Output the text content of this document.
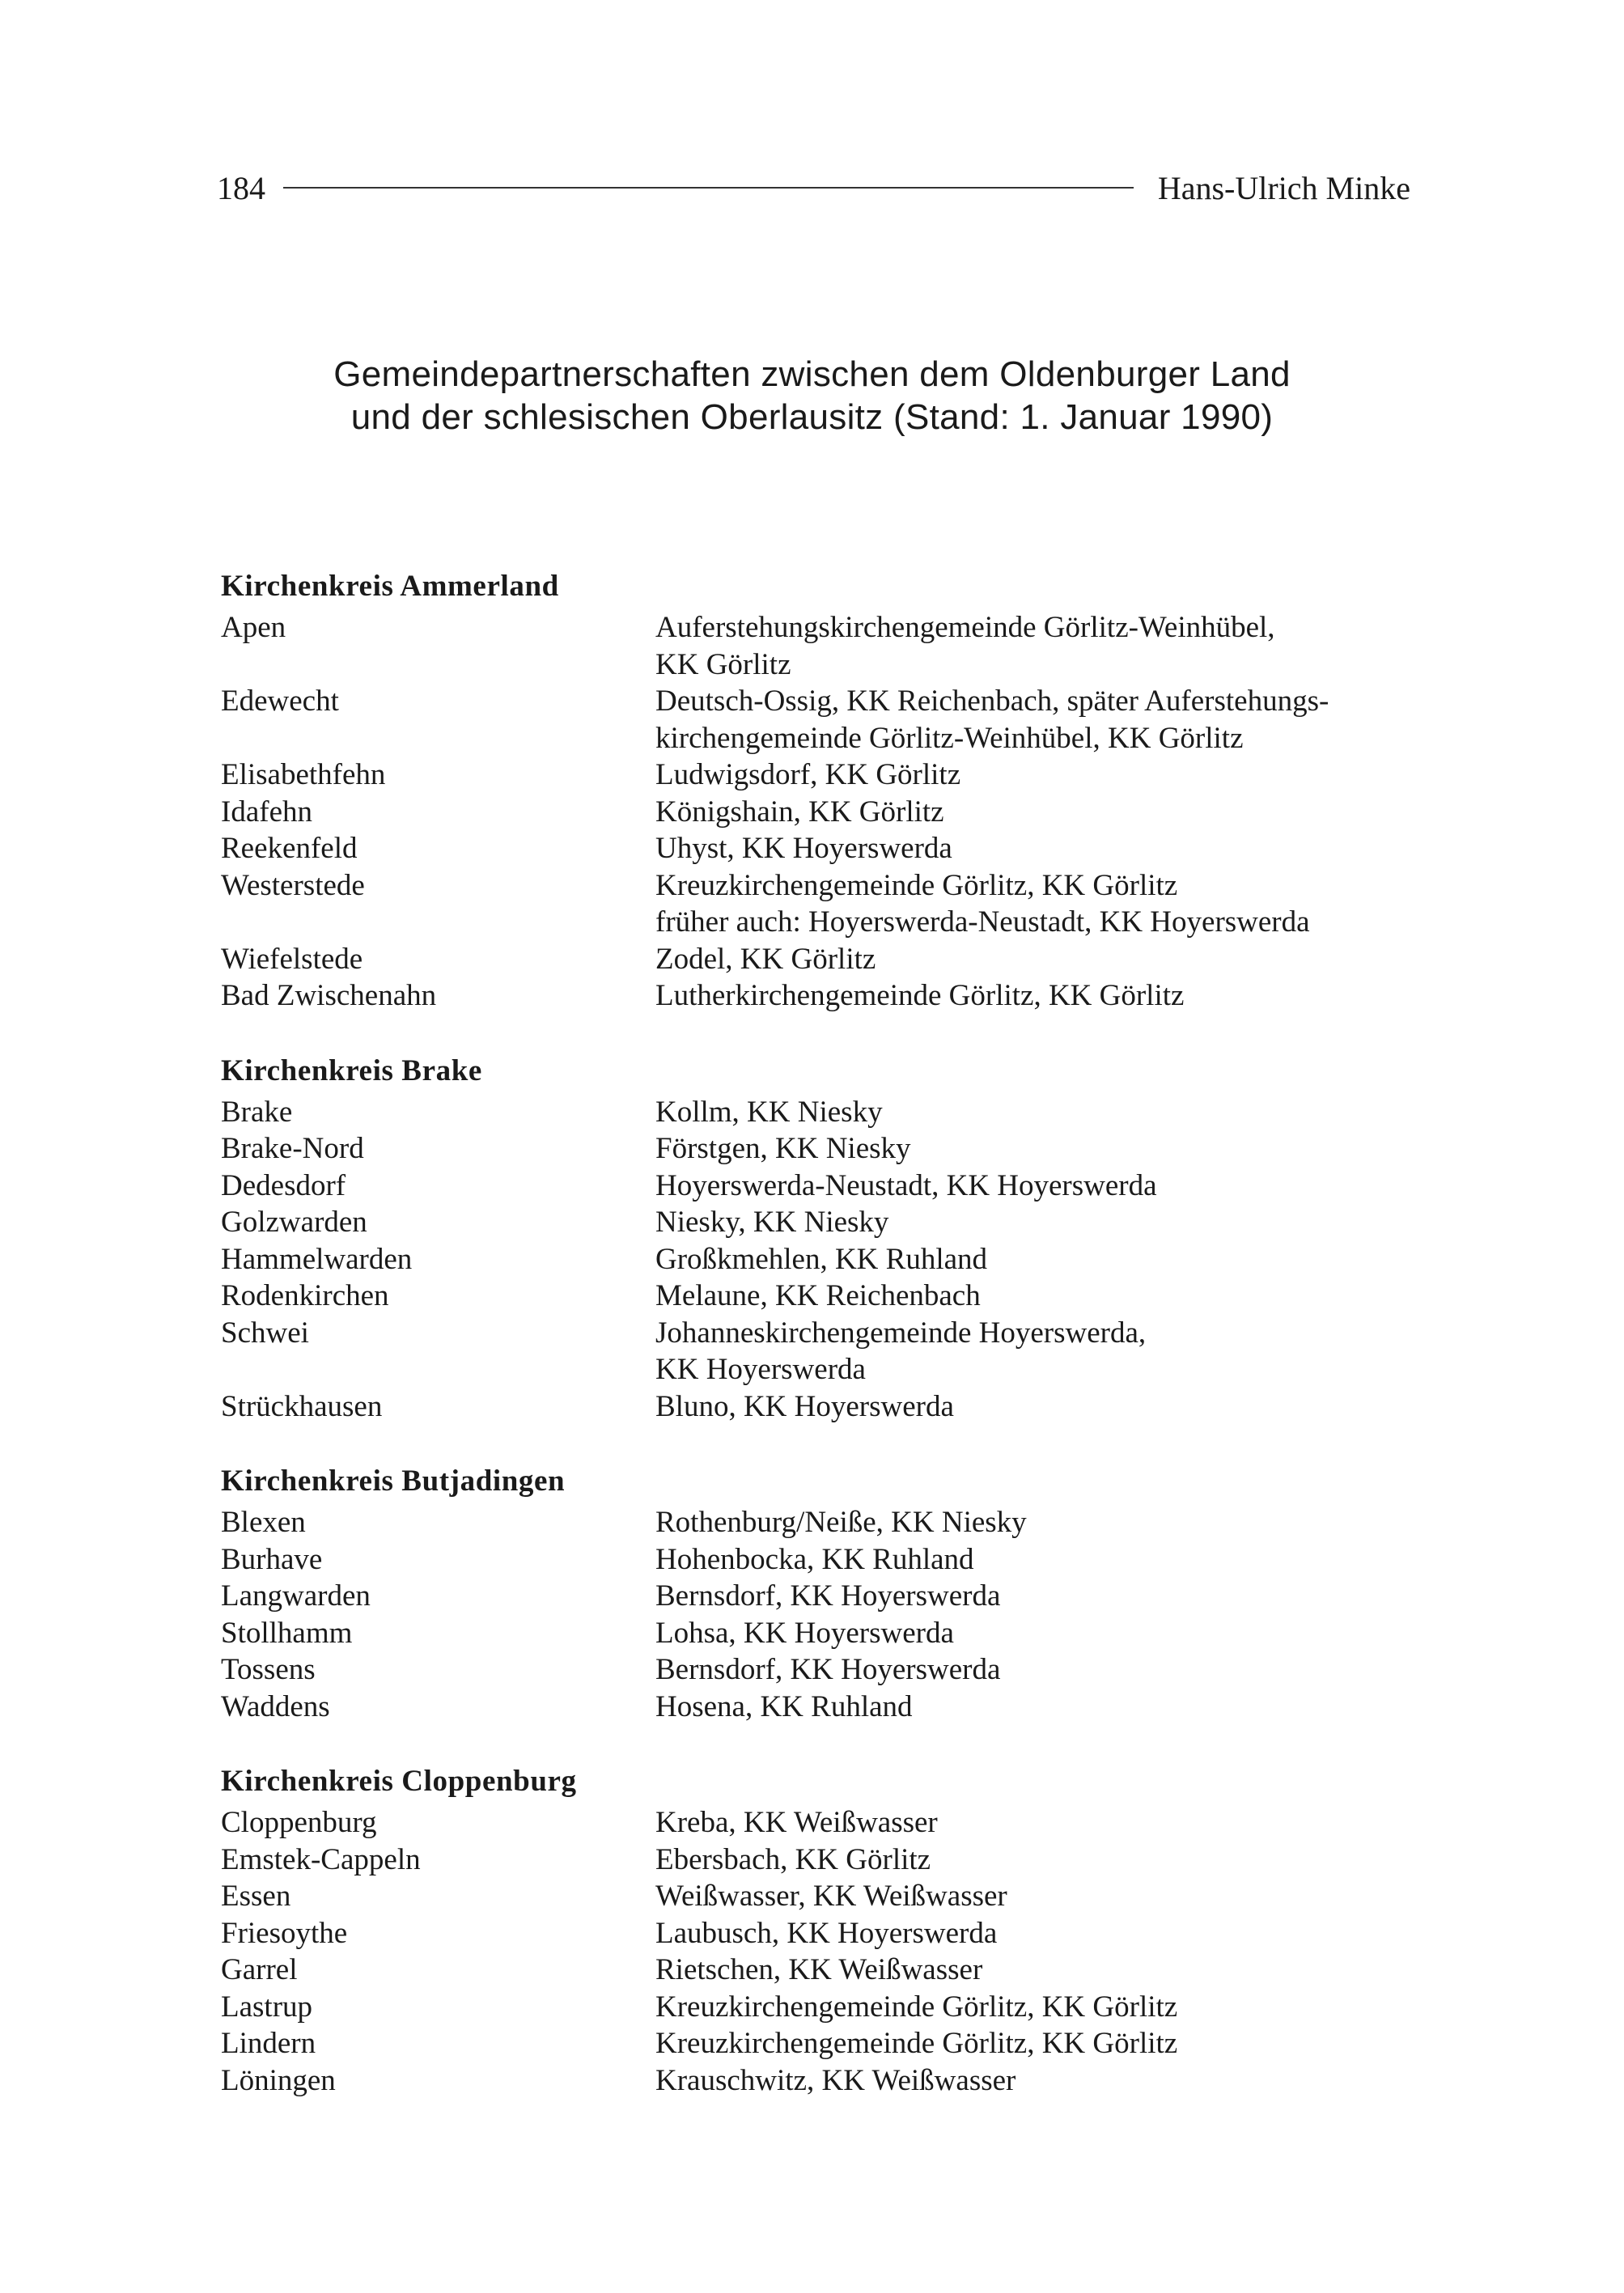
184	Hans-Ulrich Minke
Gemeindepartnerschaften zwischen dem Oldenburger Land
und der schlesischen Oberlausitz (Stand: 1. Januar 1990)
Kirchenkreis Ammerland
Apen	Auferstehungskirchengemeinde Görlitz-Weinhübel,
KK Görlitz
Edewecht	Deutsch-Ossig, KK Reichenbach, später Auferstehungs-
kirchengemeinde Görlitz-Weinhübel, KK Görlitz
Elisabethfehn	Ludwigsdorf, KK Görlitz
Idafehn	Königshain, KK Görlitz
Reekenfeld	Uhyst, KK Hoyerswerda
Westerstede	Kreuzkirchengemeinde Görlitz, KK Görlitz
früher auch: Hoyerswerda-Neustadt, KK Hoyerswerda
Wiefelstede	Zodel, KK Görlitz
Bad Zwischenahn	Lutherkirchengemeinde Görlitz, KK Görlitz
Kirchenkreis Brake
Brake	Kollm, KK Niesky
Brake-Nord	Förstgen, KK Niesky
Dedesdorf	Hoyerswerda-Neustadt, KK Hoyerswerda
Golzwarden	Niesky, KK Niesky
Hammelwarden	Großkmehlen, KK Ruhland
Rodenkirchen	Melaune, KK Reichenbach
Schwei	Johanneskirchengemeinde Hoyerswerda,
KK Hoyerswerda
Strückhausen	Bluno, KK Hoyerswerda
Kirchenkreis Butjadingen
Blexen	Rothenburg/Neiße, KK Niesky
Burhave	Hohenbocka, KK Ruhland
Langwarden	Bernsdorf, KK Hoyerswerda
Stollhamm	Lohsa, KK Hoyerswerda
Tossens	Bernsdorf, KK Hoyerswerda
Waddens	Hosena, KK Ruhland
Kirchenkreis Cloppenburg
Cloppenburg	Kreba, KK Weißwasser
Emstek-Cappeln	Ebersbach, KK Görlitz
Essen	Weißwasser, KK Weißwasser
Friesoythe	Laubusch, KK Hoyerswerda
Garrel	Rietschen, KK Weißwasser
Lastrup	Kreuzkirchengemeinde Görlitz, KK Görlitz
Lindern	Kreuzkirchengemeinde Görlitz, KK Görlitz
Löningen	Krauschwitz, KK Weißwasser
